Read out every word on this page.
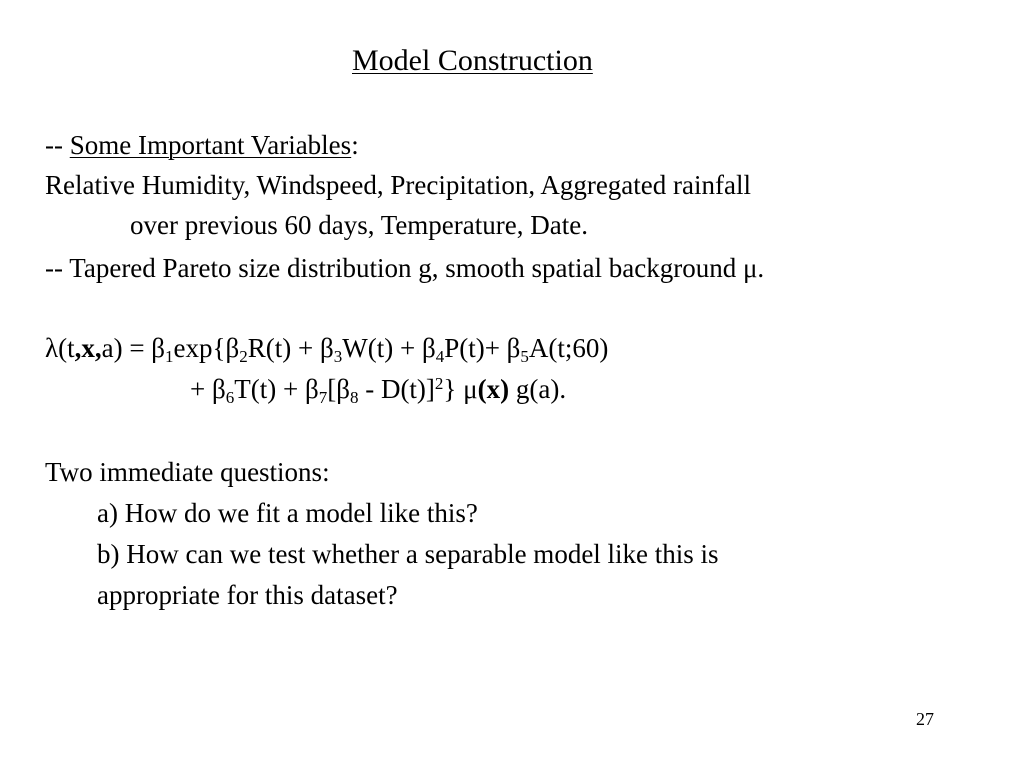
Model Construction
-- Some Important Variables:
Relative Humidity, Windspeed, Precipitation, Aggregated rainfall
over previous 60 days, Temperature, Date.
-- Tapered Pareto size distribution g, smooth spatial background μ.
$\lambda(t,x,a) = \beta_1\exp\{\beta_2R(t) + \beta_3W(t) + \beta_4P(t)+$ $\beta_5A(t;60)$
+ $\beta_6T(t) + \beta_7[\beta_8 - D(t)]^2$} μ(x) g(a).
Two immediate questions:
a) How do we fit a model like this?
b) How can we test whether a separable model like this is
appropriate for this dataset?
27
